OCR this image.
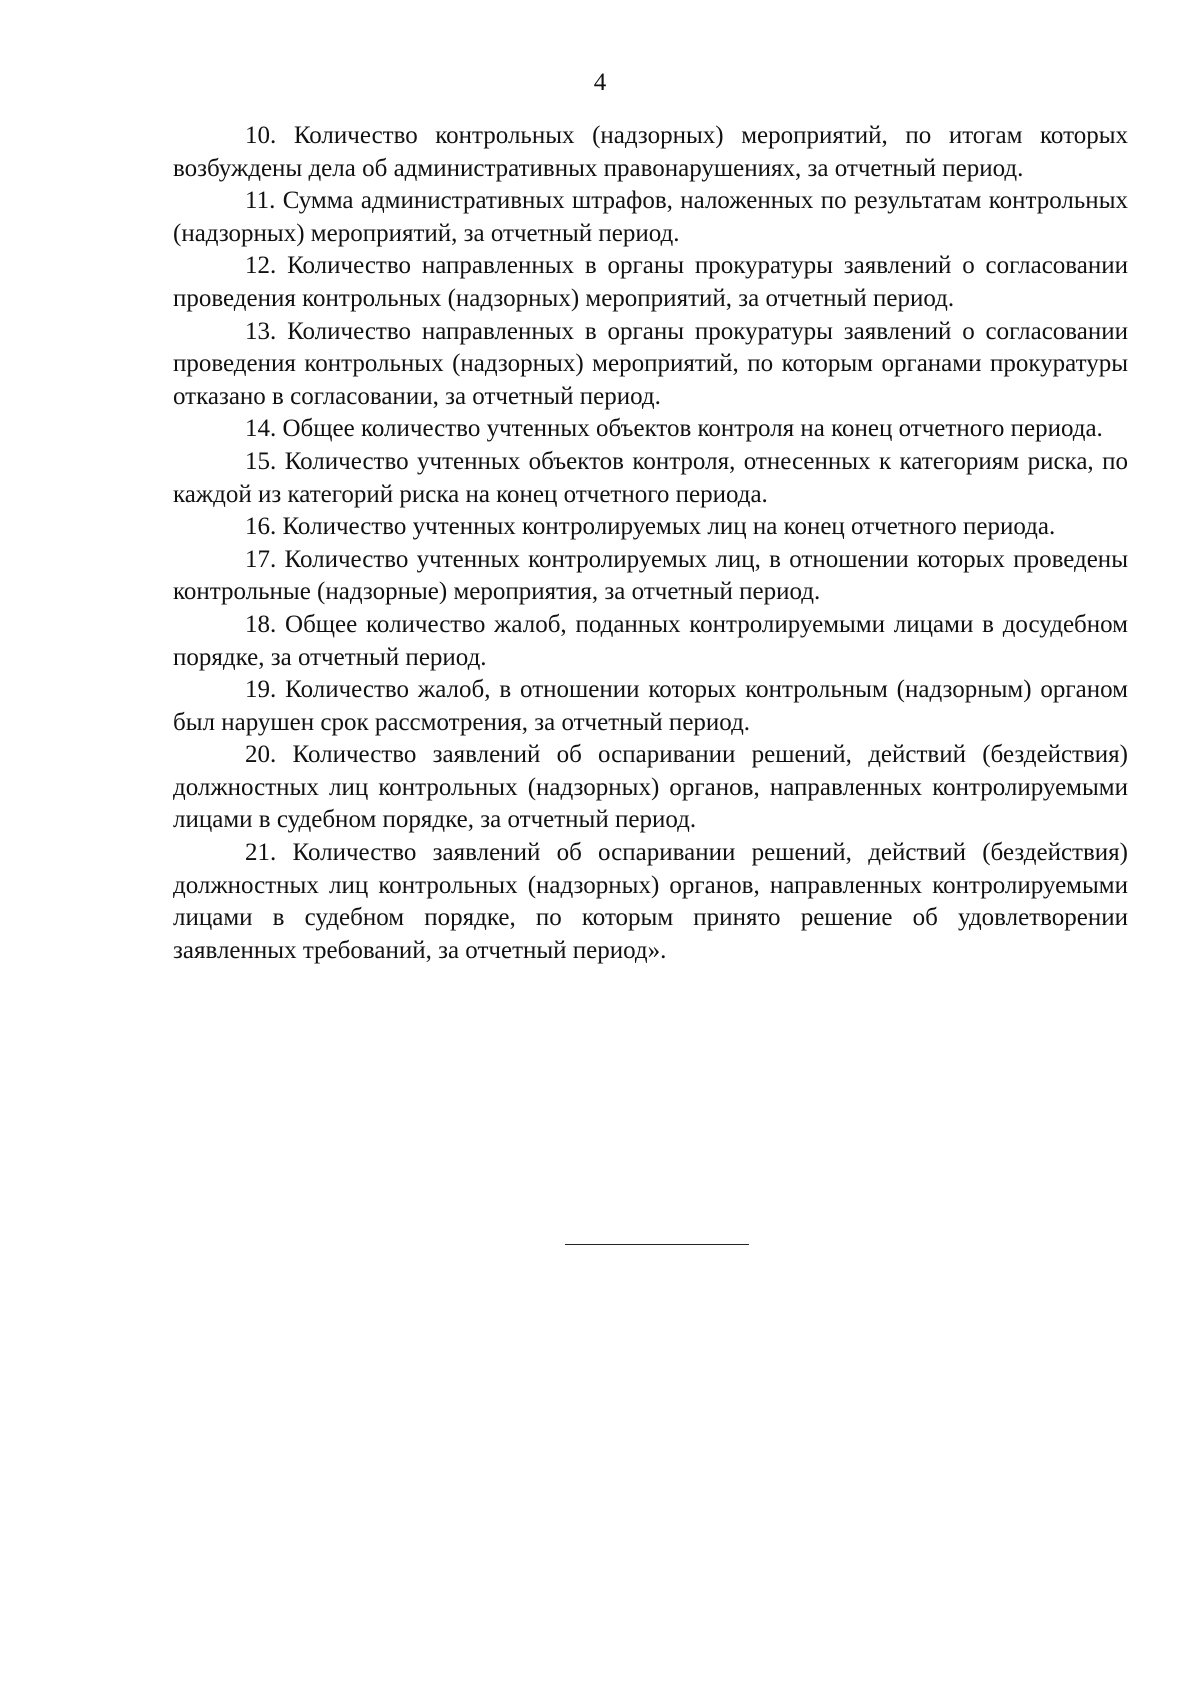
4

10. Количество контрольных (надзорных) мероприятий, по итогам которых возбуждены дела об административных правонарушениях, за отчетный период.

11. Сумма административных штрафов, наложенных по результатам контрольных (надзорных) мероприятий, за отчетный период.

12. Количество направленных в органы прокуратуры заявлений о согласовании проведения контрольных (надзорных) мероприятий, за отчетный период.

13. Количество направленных в органы прокуратуры заявлений о согласовании проведения контрольных (надзорных) мероприятий, по которым органами прокуратуры отказано в согласовании, за отчетный период.

14. Общее количество учтенных объектов контроля на конец отчетного периода.

15. Количество учтенных объектов контроля, отнесенных к категориям риска, по каждой из категорий риска на конец отчетного периода.

16. Количество учтенных контролируемых лиц на конец отчетного периода.

17. Количество учтенных контролируемых лиц, в отношении которых проведены контрольные (надзорные) мероприятия, за отчетный период.

18. Общее количество жалоб, поданных контролируемыми лицами в досудебном порядке, за отчетный период.

19. Количество жалоб, в отношении которых контрольным (надзорным) органом был нарушен срок рассмотрения, за отчетный период.

20. Количество заявлений об оспаривании решений, действий (бездействия) должностных лиц контрольных (надзорных) органов, направленных контролируемыми лицами в судебном порядке, за отчетный период.

21. Количество заявлений об оспаривании решений, действий (бездействия) должностных лиц контрольных (надзорных) органов, направленных контролируемыми лицами в судебном порядке, по которым принято решение об удовлетворении заявленных требований, за отчетный период».
